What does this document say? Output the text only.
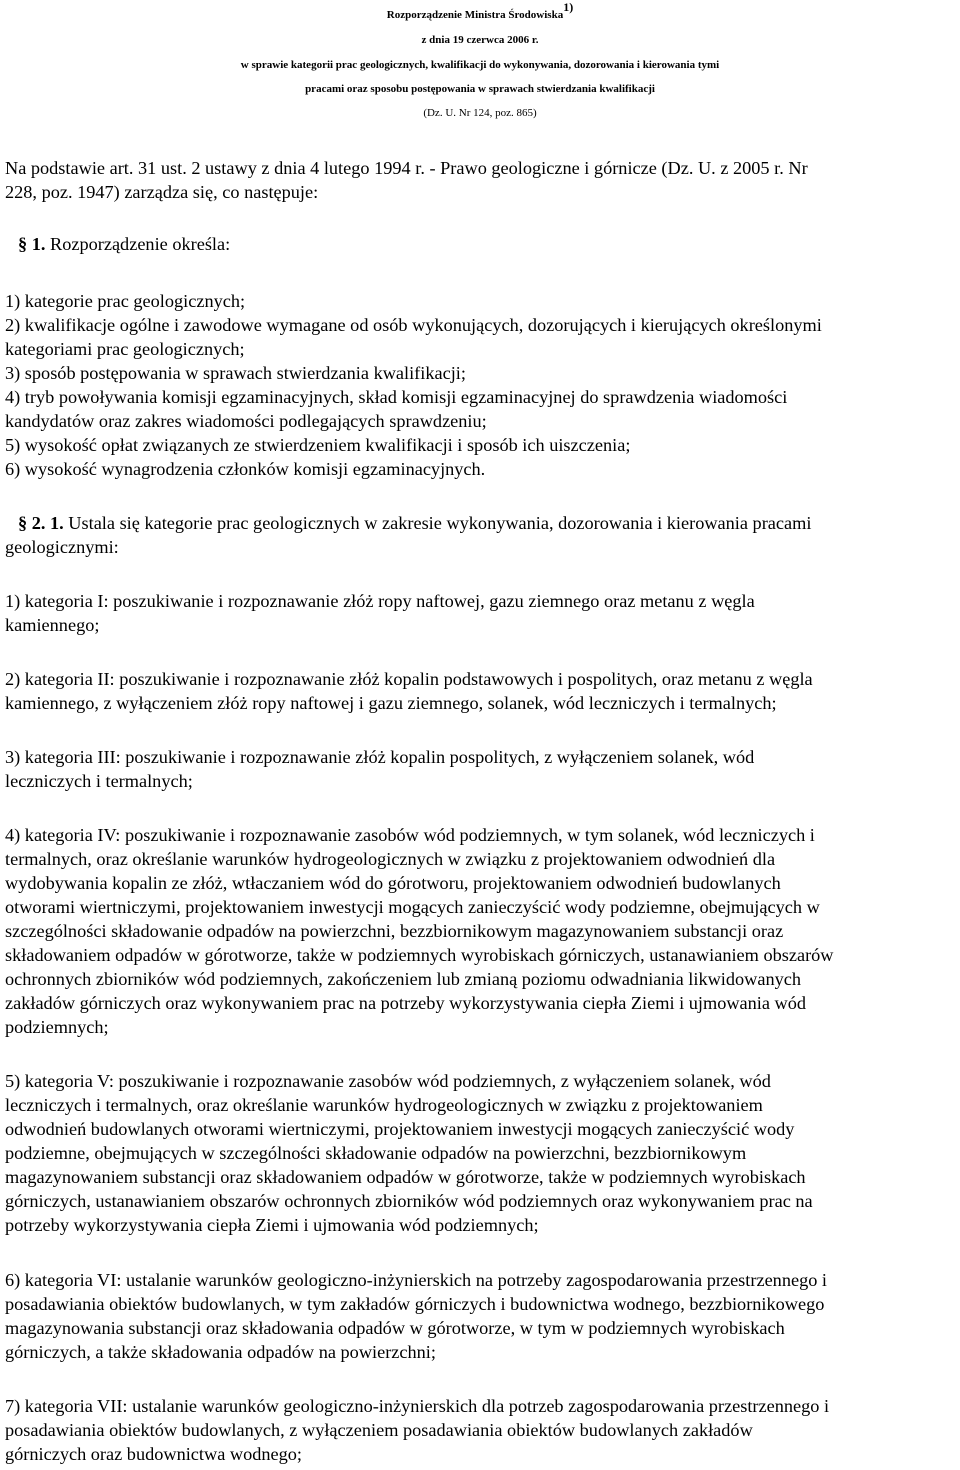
Rozporządzenie Ministra Środowiska$^{1)}$
z dnia 19 czerwca 2006 r.
w sprawie kategorii prac geologicznych, kwalifikacji do wykonywania, dozorowania i kierowania tymi
pracami oraz sposobu postępowania w sprawach stwierdzania kwalifikacji
(Dz. U. Nr 124, poz. 865)
Na podstawie art. 31 ust. 2 ustawy z dnia 4 lutego 1994 r. - Prawo geologiczne i górnicze (Dz. U. z 2005 r. Nr
228, poz. 1947) zarządza się, co następuje:
§ 1. Rozporządzenie określa:
1) kategorie prac geologicznych;
2) kwalifikacje ogólne i zawodowe wymagane od osób wykonujących, dozorujących i kierujących określonymi
kategoriami prac geologicznych;
3) sposób postępowania w sprawach stwierdzania kwalifikacji;
4) tryb powoływania komisji egzaminacyjnych, skład komisji egzaminacyjnej do sprawdzenia wiadomości
kandydatów oraz zakres wiadomości podlegających sprawdzeniu;
5) wysokość opłat związanych ze stwierdzeniem kwalifikacji i sposób ich uiszczenia;
6) wysokość wynagrodzenia członków komisji egzaminacyjnych.
§ 2. 1. Ustala się kategorie prac geologicznych w zakresie wykonywania, dozorowania i kierowania pracami
geologicznymi:
1) kategoria I: poszukiwanie i rozpoznawanie złóż ropy naftowej, gazu ziemnego oraz metanu z węgla
kamiennego;
2) kategoria II: poszukiwanie i rozpoznawanie złóż kopalin podstawowych i pospolitych, oraz metanu z węgla
kamiennego, z wyłączeniem złóż ropy naftowej i gazu ziemnego, solanek, wód leczniczych i termalnych;
3) kategoria III: poszukiwanie i rozpoznawanie złóż kopalin pospolitych, z wyłączeniem solanek, wód
leczniczych i termalnych;
4) kategoria IV: poszukiwanie i rozpoznawanie zasobów wód podziemnych, w tym solanek, wód leczniczych i
termalnych, oraz określanie warunków hydrogeologicznych w związku z projektowaniem odwodnień dla
wydobywania kopalin ze złóż, wtłaczaniem wód do górotworu, projektowaniem odwodnień budowlanych
otworami wiertniczymi, projektowaniem inwestycji mogących zanieczyścić wody podziemne, obejmujących w
szczególności składowanie odpadów na powierzchni, bezzbiornikowym magazynowaniem substancji oraz
składowaniem odpadów w górotworze, także w podziemnych wyrobiskach górniczych, ustanawianiem obszarów
ochronnych zbiorników wód podziemnych, zakończeniem lub zmianą poziomu odwadniania likwidowanych
zakładów górniczych oraz wykonywaniem prac na potrzeby wykorzystywania ciepła Ziemi i ujmowania wód
podziemnych;
5) kategoria V: poszukiwanie i rozpoznawanie zasobów wód podziemnych, z wyłączeniem solanek, wód
leczniczych i termalnych, oraz określanie warunków hydrogeologicznych w związku z projektowaniem
odwodnień budowlanych otworami wiertniczymi, projektowaniem inwestycji mogących zanieczyścić wody
podziemne, obejmujących w szczególności składowanie odpadów na powierzchni, bezzbiornikowym
magazynowaniem substancji oraz składowaniem odpadów w górotworze, także w podziemnych wyrobiskach
górniczych, ustanawianiem obszarów ochronnych zbiorników wód podziemnych oraz wykonywaniem prac na
potrzeby wykorzystywania ciepła Ziemi i ujmowania wód podziemnych;
6) kategoria VI: ustalanie warunków geologiczno-inżynierskich na potrzeby zagospodarowania przestrzennego i
posadawiania obiektów budowlanych, w tym zakładów górniczych i budownictwa wodnego, bezzbiornikowego
magazynowania substancji oraz składowania odpadów w górotworze, w tym w podziemnych wyrobiskach
górniczych, a także składowania odpadów na powierzchni;
7) kategoria VII: ustalanie warunków geologiczno-inżynierskich dla potrzeb zagospodarowania przestrzennego i
posadawiania obiektów budowlanych, z wyłączeniem posadawiania obiektów budowlanych zakładów
górniczych oraz budownictwa wodnego;
